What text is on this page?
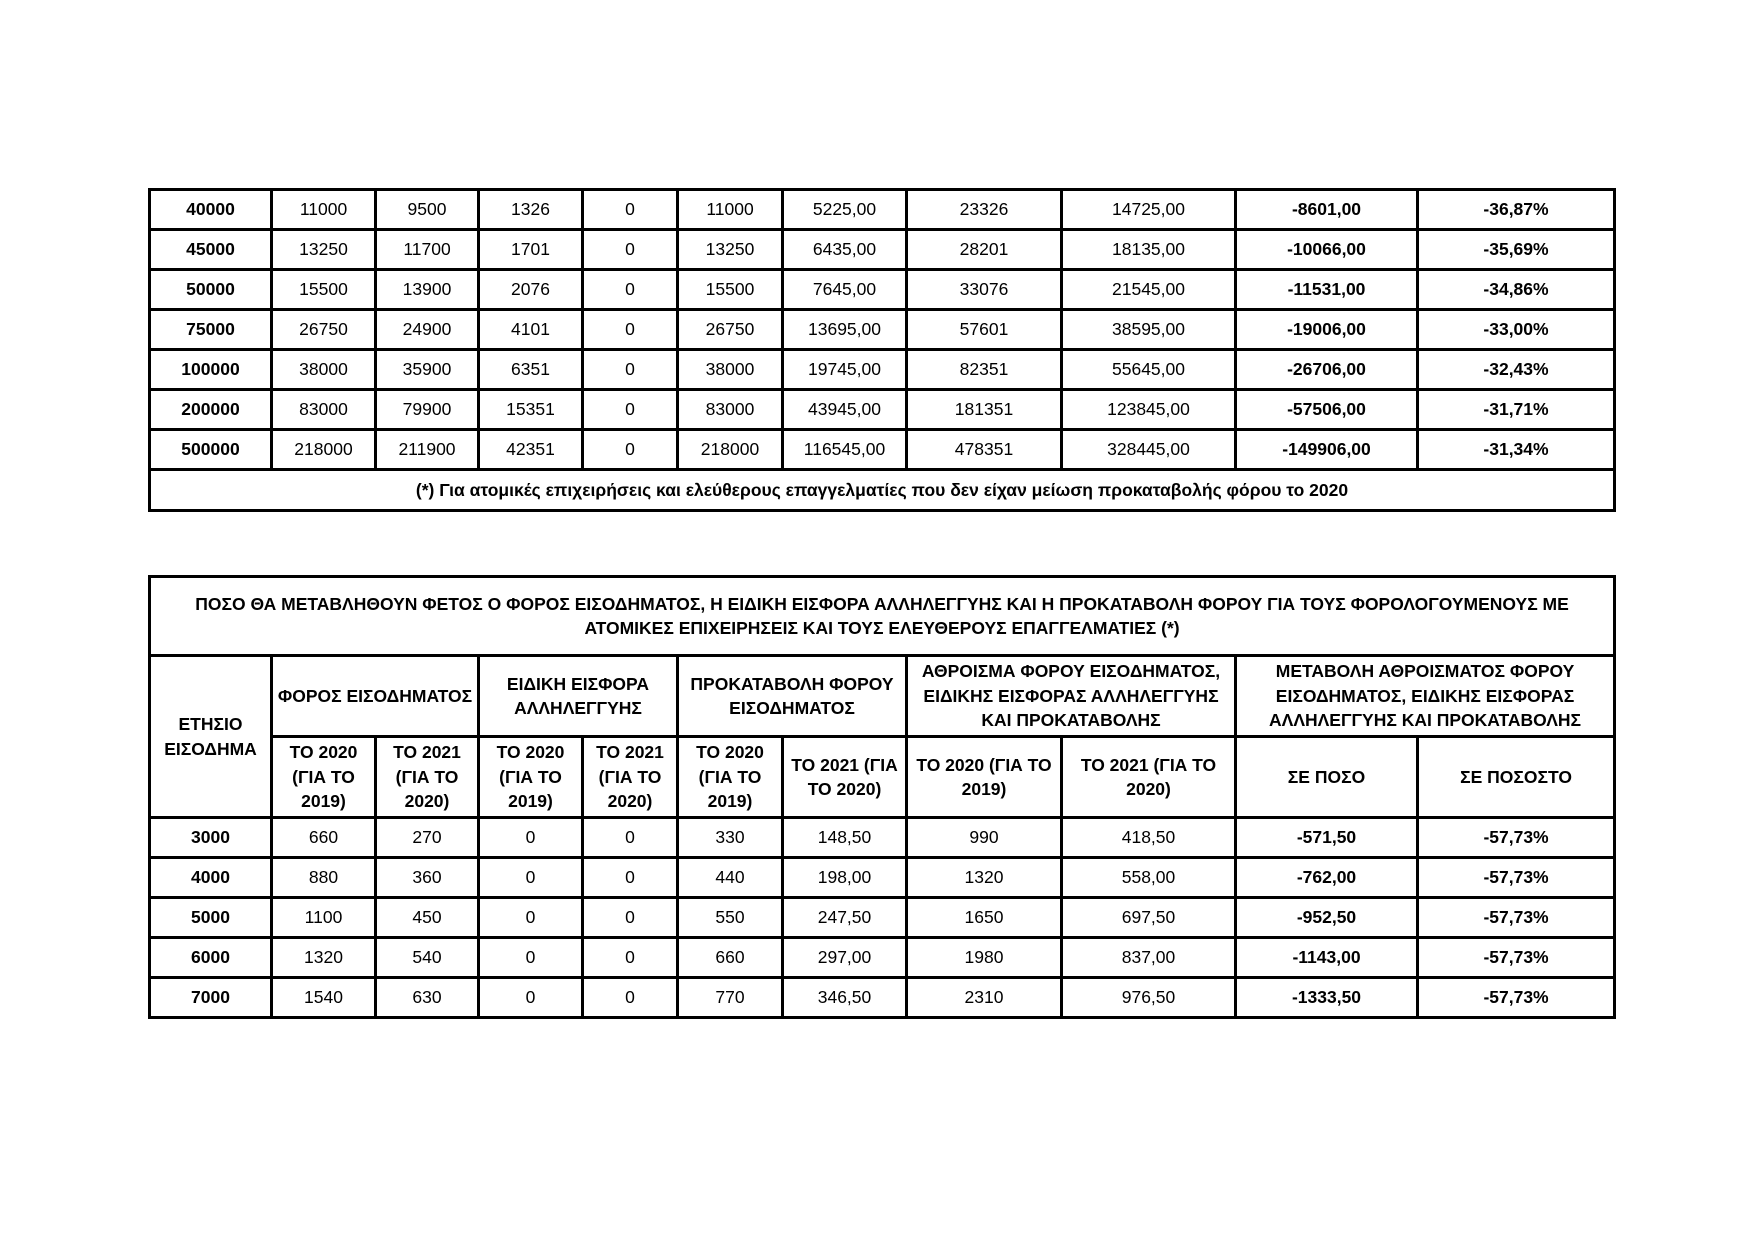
40000	11000	9500	1326	0	11000	5225,00	23326	14725,00	-8601,00	-36,87%
45000	13250	11700	1701	0	13250	6435,00	28201	18135,00	-10066,00	-35,69%
50000	15500	13900	2076	0	15500	7645,00	33076	21545,00	-11531,00	-34,86%
75000	26750	24900	4101	0	26750	13695,00	57601	38595,00	-19006,00	-33,00%
100000	38000	35900	6351	0	38000	19745,00	82351	55645,00	-26706,00	-32,43%
200000	83000	79900	15351	0	83000	43945,00	181351	123845,00	-57506,00	-31,71%
500000	218000	211900	42351	0	218000	116545,00	478351	328445,00	-149906,00	-31,34%
(*) Για ατομικές επιχειρήσεις και ελεύθερους επαγγελματίες που δεν είχαν μείωση προκαταβολής φόρου το 2020										
ΠΟΣΟ ΘΑ ΜΕΤΑΒΛΗΘΟΥΝ ΦΕΤΟΣ Ο ΦΟΡΟΣ ΕΙΣΟΔΗΜΑΤΟΣ, Η ΕΙΔΙΚΗ ΕΙΣΦΟΡΑ ΑΛΛΗΛΕΓΓΥΗΣ ΚΑΙ Η ΠΡΟΚΑΤΑΒΟΛΗ ΦΟΡΟΥ ΓΙΑ ΤΟΥΣ ΦΟΡΟΛΟΓΟΥΜΕΝΟΥΣ ΜΕ ΑΤΟΜΙΚΕΣ ΕΠΙΧΕΙΡΗΣΕΙΣ ΚΑΙ ΤΟΥΣ ΕΛΕΥΘΕΡΟΥΣ ΕΠΑΓΓΕΛΜΑΤΙΕΣ (*)										
ΕΤΗΣΙΟ ΕΙΣΟΔΗΜΑ	ΦΟΡΟΣ ΕΙΣΟΔΗΜΑΤΟΣ		ΕΙΔΙΚΗ ΕΙΣΦΟΡΑ ΑΛΛΗΛΕΓΓΥΗΣ		ΠΡΟΚΑΤΑΒΟΛΗ ΦΟΡΟΥ ΕΙΣΟΔΗΜΑΤΟΣ		ΑΘΡΟΙΣΜΑ ΦΟΡΟΥ ΕΙΣΟΔΗΜΑΤΟΣ, ΕΙΔΙΚΗΣ ΕΙΣΦΟΡΑΣ ΑΛΛΗΛΕΓΓΥΗΣ ΚΑΙ ΠΡΟΚΑΤΑΒΟΛΗΣ		ΜΕΤΑΒΟΛΗ ΑΘΡΟΙΣΜΑΤΟΣ ΦΟΡΟΥ ΕΙΣΟΔΗΜΑΤΟΣ, ΕΙΔΙΚΗΣ ΕΙΣΦΟΡΑΣ ΑΛΛΗΛΕΓΓΥΗΣ ΚΑΙ ΠΡΟΚΑΤΑΒΟΛΗΣ	
	ΤΟ 2020 (ΓΙΑ ΤΟ 2019)	ΤΟ 2021 (ΓΙΑ ΤΟ 2020)	ΤΟ 2020 (ΓΙΑ ΤΟ 2019)	ΤΟ 2021 (ΓΙΑ ΤΟ 2020)	ΤΟ 2020 (ΓΙΑ ΤΟ 2019)	ΤΟ 2021 (ΓΙΑ ΤΟ 2020)	ΤΟ 2020 (ΓΙΑ ΤΟ 2019)	ΤΟ 2021 (ΓΙΑ ΤΟ 2020)	ΣΕ ΠΟΣΟ	ΣΕ ΠΟΣΟΣΤΟ
3000	660	270	0	0	330	148,50	990	418,50	-571,50	-57,73%
4000	880	360	0	0	440	198,00	1320	558,00	-762,00	-57,73%
5000	1100	450	0	0	550	247,50	1650	697,50	-952,50	-57,73%
6000	1320	540	0	0	660	297,00	1980	837,00	-1143,00	-57,73%
7000	1540	630	0	0	770	346,50	2310	976,50	-1333,50	-57,73%
